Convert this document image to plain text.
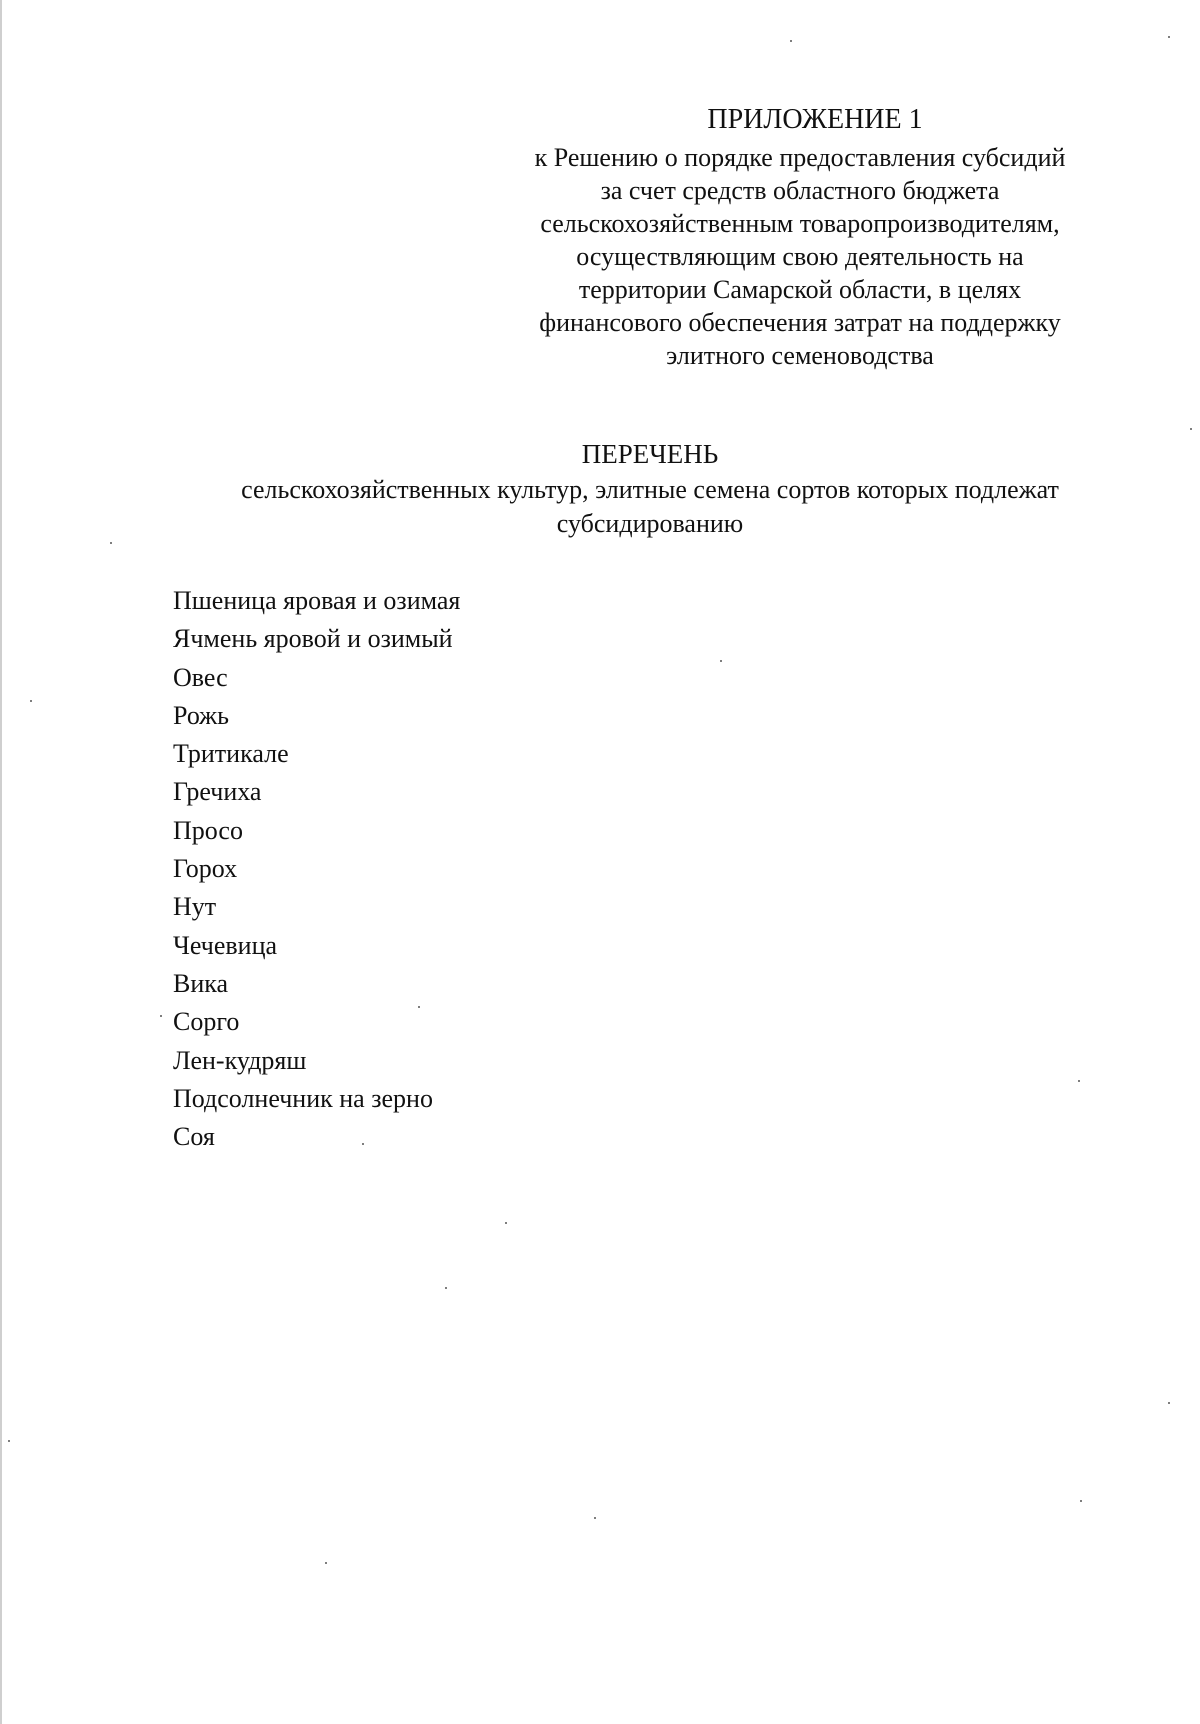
ПРИЛОЖЕНИЕ 1
к Решению о порядке предоставления субсидий
за счет средств областного бюджета
сельскохозяйственным товаропроизводителям,
осуществляющим свою деятельность на
территории Самарской области, в целях
финансового обеспечения затрат на поддержку
элитного семеноводства
ПЕРЕЧЕНЬ
сельскохозяйственных культур, элитные семена сортов которых подлежат
субсидированию
Пшеница яровая и озимая
Ячмень яровой и озимый
Овес
Рожь
Тритикале
Гречиха
Просо
Горох
Нут
Чечевица
Вика
Сорго
Лен-кудряш
Подсолнечник на зерно
Соя
